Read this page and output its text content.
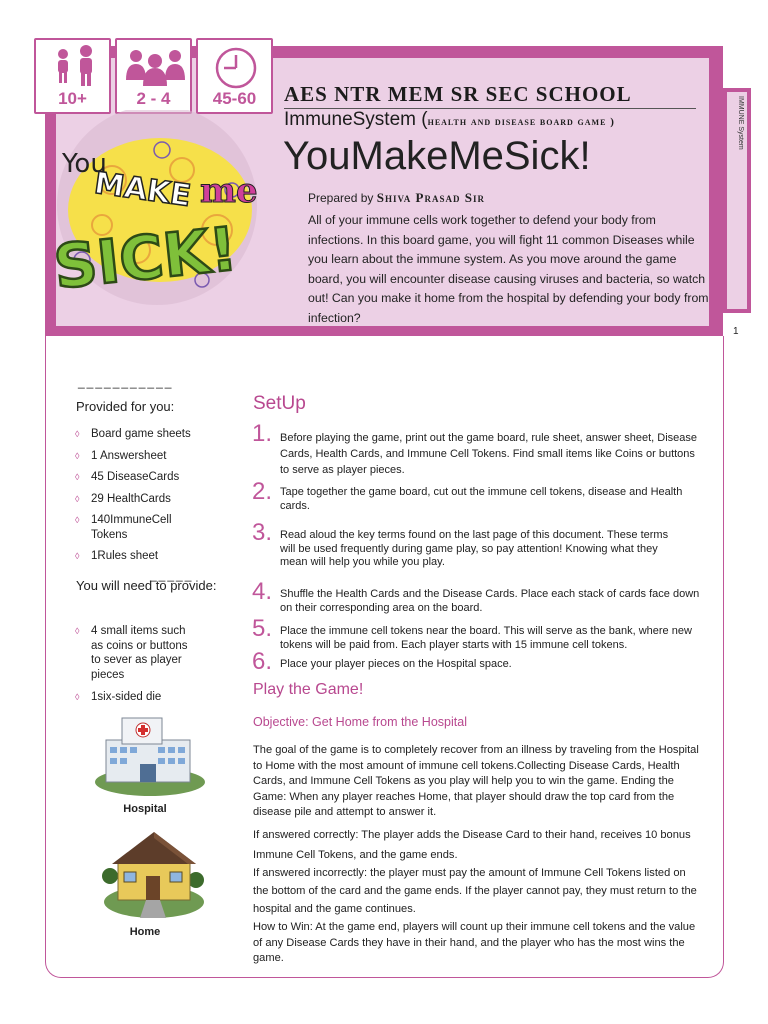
IMMUNE System
1
10+	2 - 4	45-60
You
MAKE me
SICK!
AES NTR MEM SR SEC SCHOOL
ImmuneSystem (health and disease board game )
YouMakeMeSick!
Prepared by Shiva Prasad Sir
All of your immune cells work together to defend your body from infections. In this board game, you will fight 11 common Diseases while you learn about the immune system. As you move around the game board, you will encounter disease causing viruses and bacteria, so watch out! Can you make it home from the hospital by defending your body from infection?
___________
Provided for you:
◊ Board game sheets
◊ 1 Answersheet
◊ 45 DiseaseCards
◊ 29 HealthCards
◊ 140ImmuneCell Tokens
◊ 1Rules sheet
_____
You will need to provide:
◊ 4 small items such as coins or buttons to sever as player pieces
◊ 1six-sided die
Hospital
Home
SetUp
1. Before playing the game, print out the game board, rule sheet, answer sheet, Disease Cards, Health Cards, and Immune Cell Tokens. Find small items like Coins or buttons to serve as player pieces.
2. Tape together the game board, cut out the immune cell tokens, disease and Health cards.
3. Read aloud the key terms found on the last page of this document. These terms will be used frequently during game play, so pay attention! Knowing what they mean will help you while you play.
4. Shuffle the Health Cards and the Disease Cards. Place each stack of cards face down on their corresponding area on the board.
5. Place the immune cell tokens near the board. This will serve as the bank, where new tokens will be paid from. Each player starts with 15 immune cell tokens.
6. Place your player pieces on the Hospital space.
Play the Game!
Objective: Get Home from the Hospital
The goal of the game is to completely recover from an illness by traveling from the Hospital to Home with the most amount of immune cell tokens.Collecting Disease Cards, Health Cards, and Immune Cell Tokens as you play will help you to win the game. Ending the Game: When any player reaches Home, that player should draw the top card from the disease pile and attempt to answer it.
If answered correctly: The player adds the Disease Card to their hand, receives 10 bonus Immune Cell Tokens, and the game ends.
If answered incorrectly: the player must pay the amount of Immune Cell Tokens listed on the bottom of the card and the game ends. If the player cannot pay, they must return to the hospital and the game continues.
How to Win: At the game end, players will count up their immune cell tokens and the value of any Disease Cards they have in their hand, and the player who has the most wins the game.
